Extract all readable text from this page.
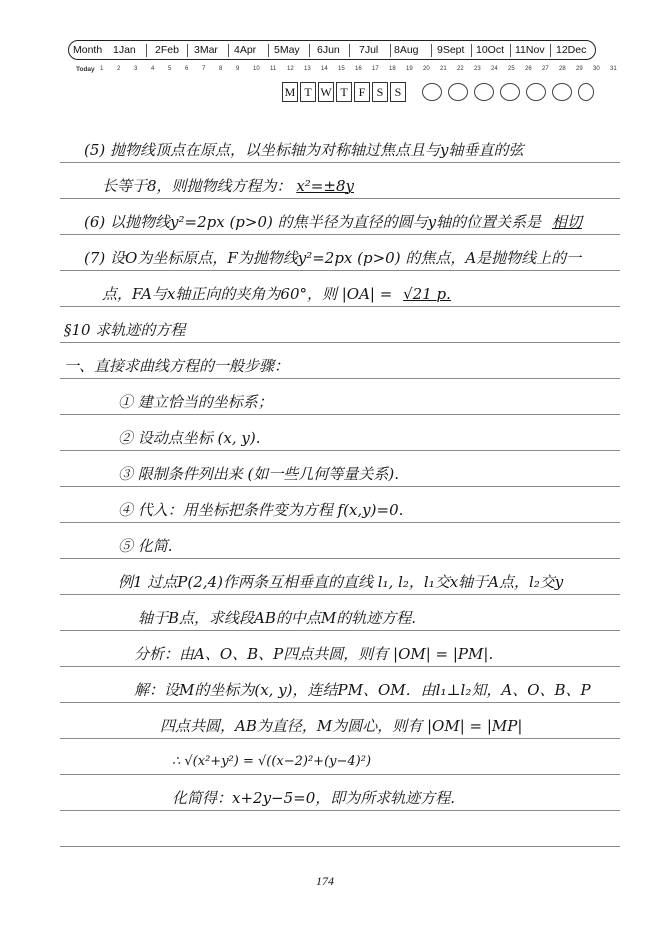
Month 1Jan 2Feb 3Mar 4Apr 5May 6Jun 7Jul 8Aug 9Sept 10Oct 11Nov 12Dec
Today 1 2 3 4 5 6 7 8 9 10 11 12 13 14 15 16 17 18 19 20 21 22 23 24 25 26 27 28 29 30 31
M T W T F S S
(5) 抛物线顶点在原点，以坐标轴为对称轴过焦点且与y轴垂直的弦
长等于8，则抛物线方程为： x²=±8y
(6) 以抛物线y²=2px (p>0) 的焦半径为直径的圆与y轴的位置关系是 相切
(7) 设O为坐标原点，F为抛物线y²=2px (p>0) 的焦点，A是抛物线上的一
点，FA与x轴正向的夹角为60°，则 |OA| = √21 p.
§10 求轨迹的方程
一、直接求曲线方程的一般步骤：
① 建立恰当的坐标系；
② 设动点坐标 (x, y).
③ 限制条件列出来 (如一些几何等量关系).
④ 代入：用坐标把条件变为方程 f(x,y)=0.
⑤ 化简.
例1 过点P(2,4)作两条互相垂直的直线 l₁, l₂，l₁交x轴于A点，l₂交y
轴于B点，求线段AB的中点M的轨迹方程.
分析：由A、O、B、P四点共圆，则有 |OM| = |PM|.
解：设M的坐标为(x, y)，连结PM、OM．由l₁⊥l₂知，A、O、B、P
四点共圆，AB为直径，M为圆心，则有 |OM| = |MP|
∴ √(x²+y²) = √((x−2)²+(y−4)²)
化简得：x+2y−5=0，即为所求轨迹方程.
174
